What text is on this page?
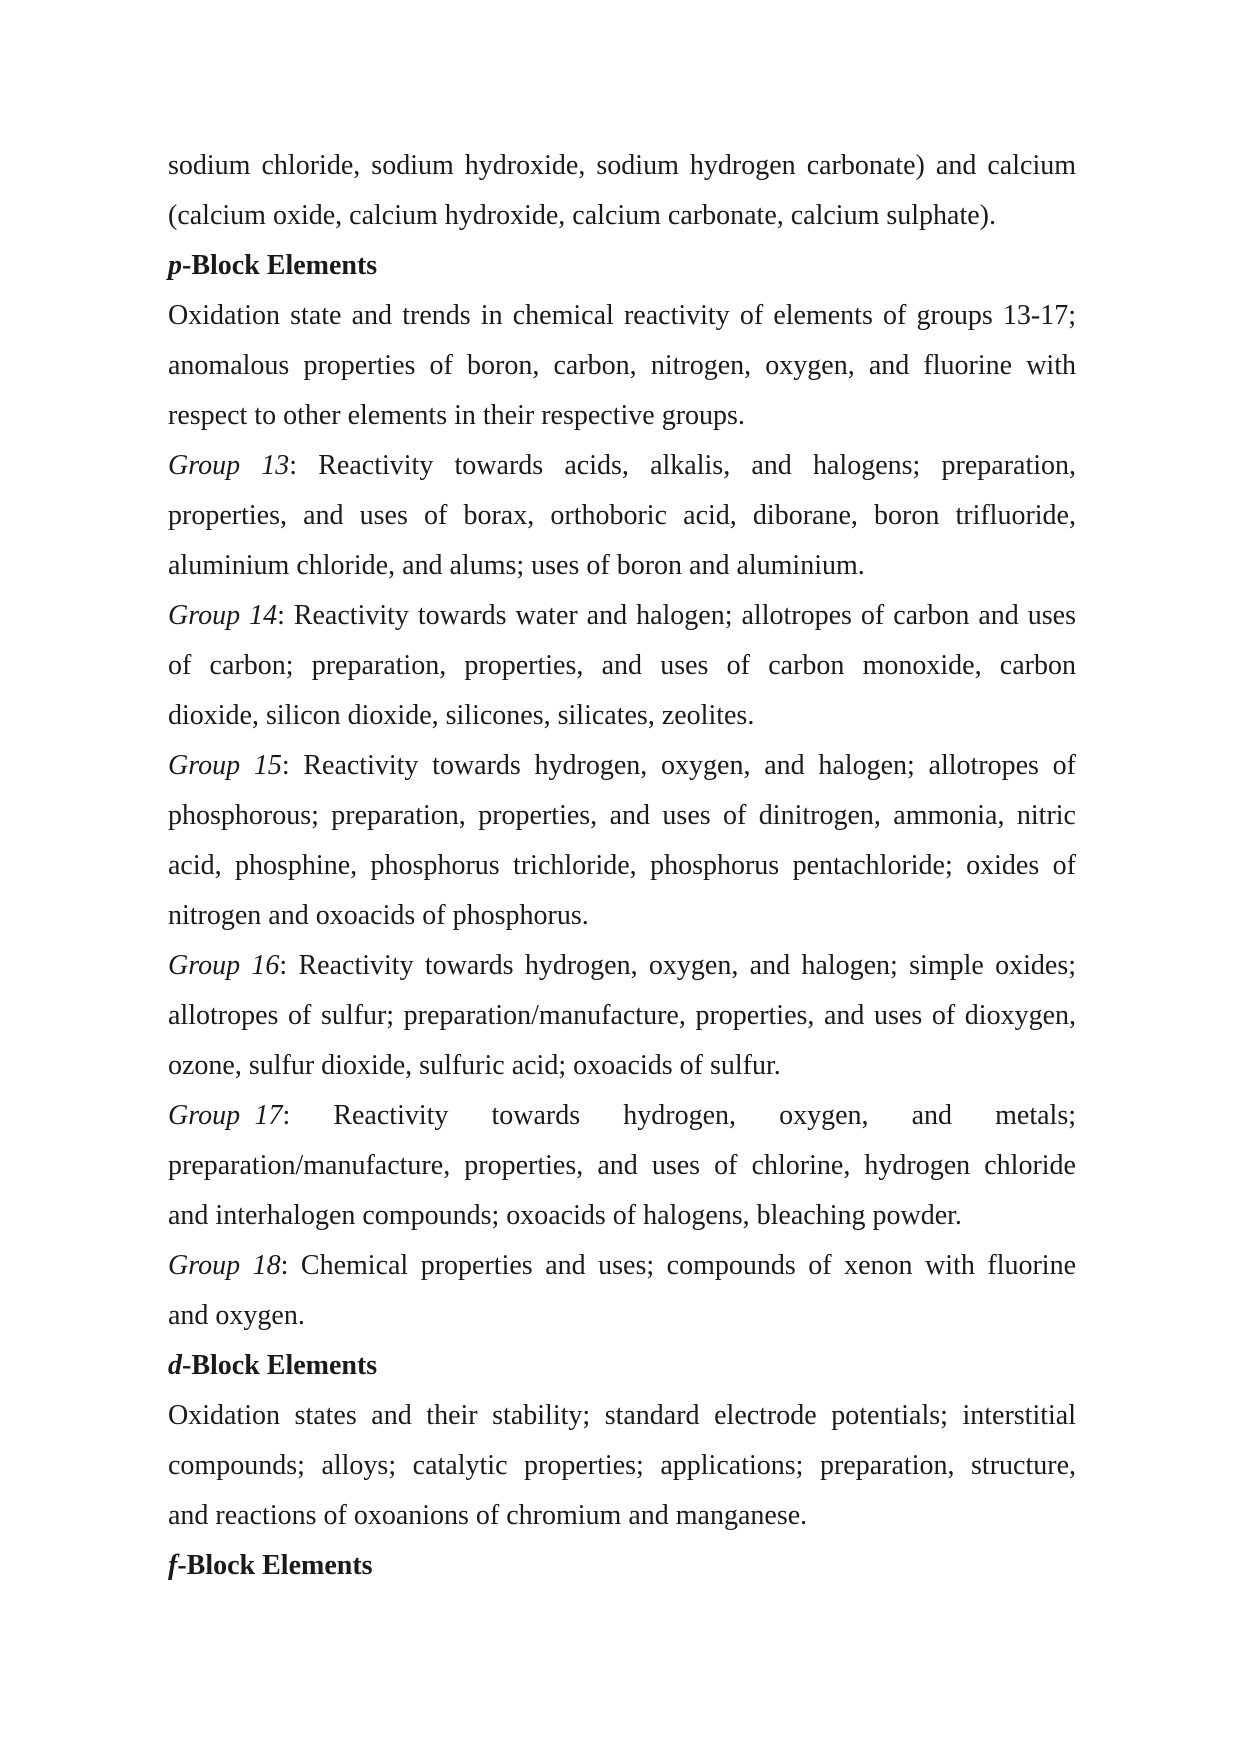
sodium chloride, sodium hydroxide, sodium hydrogen carbonate) and calcium

(calcium oxide, calcium hydroxide, calcium carbonate, calcium sulphate).

p-Block Elements

Oxidation state and trends in chemical reactivity of elements of groups 13-17;

anomalous properties of boron, carbon, nitrogen, oxygen, and fluorine with

respect to other elements in their respective groups.

Group 13: Reactivity towards acids, alkalis, and halogens; preparation,

properties, and uses of borax, orthoboric acid, diborane, boron trifluoride,

aluminium chloride, and alums; uses of boron and aluminium.

Group 14: Reactivity towards water and halogen; allotropes of carbon and uses

of carbon; preparation, properties, and uses of carbon monoxide, carbon

dioxide, silicon dioxide, silicones, silicates, zeolites.

Group 15: Reactivity towards hydrogen, oxygen, and halogen; allotropes of

phosphorous; preparation, properties, and uses of dinitrogen, ammonia, nitric

acid, phosphine, phosphorus trichloride, phosphorus pentachloride; oxides of

nitrogen and oxoacids of phosphorus.

Group 16: Reactivity towards hydrogen, oxygen, and halogen; simple oxides;

allotropes of sulfur; preparation/manufacture, properties, and uses of dioxygen,

ozone, sulfur dioxide, sulfuric acid; oxoacids of sulfur.

Group 17:   Reactivity   towards   hydrogen,   oxygen,   and   metals;

preparation/manufacture, properties, and uses of chlorine, hydrogen chloride

and interhalogen compounds; oxoacids of halogens, bleaching powder.

Group 18: Chemical properties and uses; compounds of xenon with fluorine

and oxygen.

d-Block Elements

Oxidation states and their stability; standard electrode potentials; interstitial

compounds; alloys; catalytic properties; applications; preparation, structure,

and reactions of oxoanions of chromium and manganese.

f-Block Elements
